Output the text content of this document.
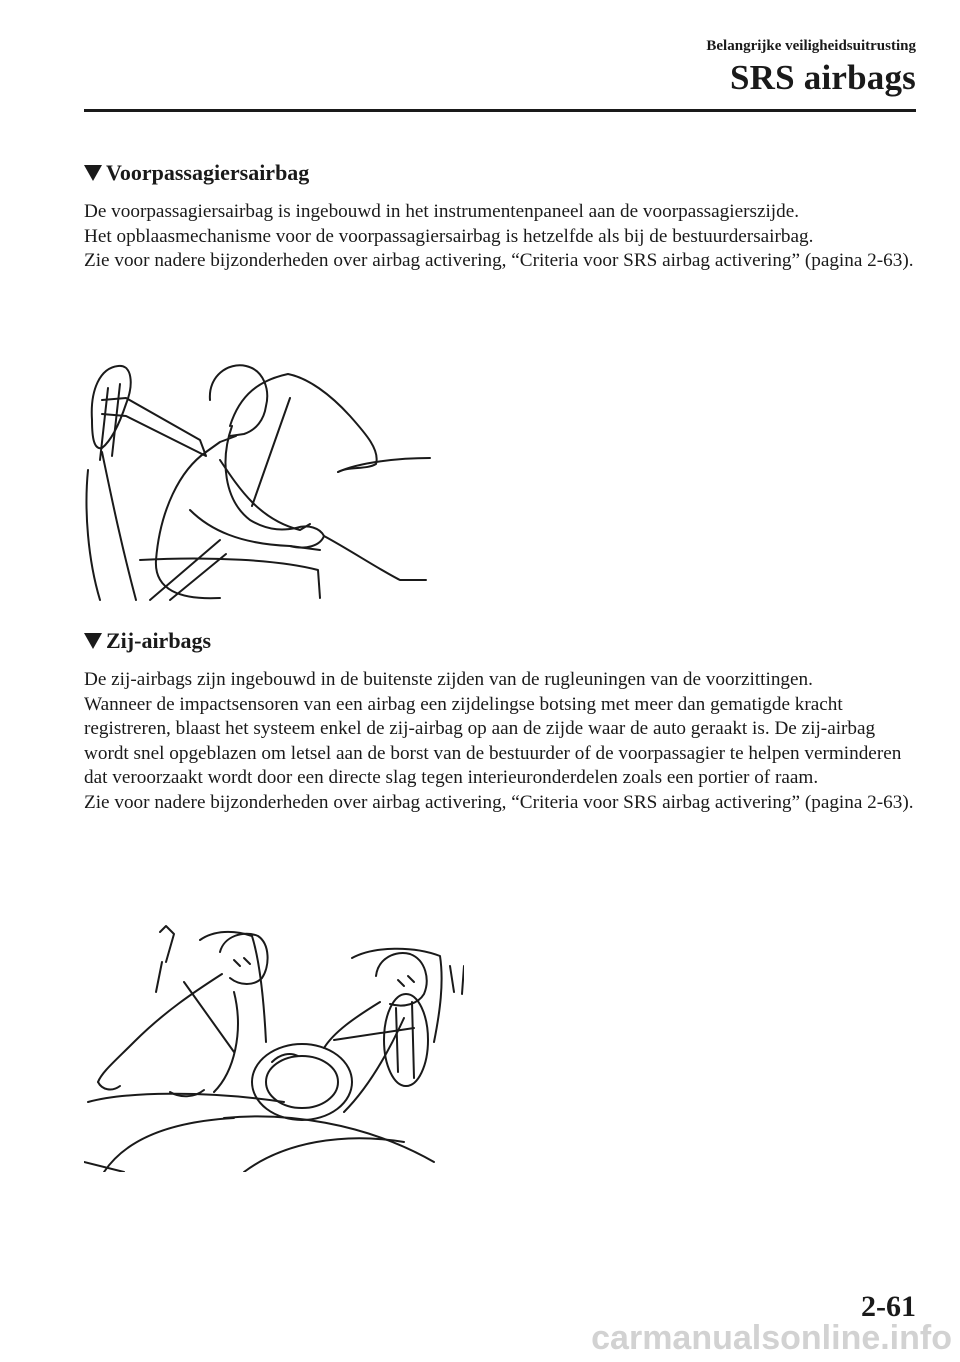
Belangrijke veiligheidsuitrusting
SRS airbags
Voorpassagiersairbag

De voorpassagiersairbag is ingebouwd in het instrumentenpaneel aan de voorpassagierszijde.

Het opblaasmechanisme voor de voorpassagiersairbag is hetzelfde als bij de bestuurdersairbag.

Zie voor nadere bijzonderheden over airbag activering, “Criteria voor SRS airbag activering” (pagina 2-63).

Zij-airbags

De zij-airbags zijn ingebouwd in de buitenste zijden van de rugleuningen van de voorzittingen.

Wanneer de impactsensoren van een airbag een zijdelingse botsing met meer dan gematigde kracht registreren, blaast het systeem enkel de zij-airbag op aan de zijde waar de auto geraakt is. De zij-airbag wordt snel opgeblazen om letsel aan de borst van de bestuurder of de voorpassagier te helpen verminderen dat veroorzaakt wordt door een directe slag tegen interieuronderdelen zoals een portier of raam.

Zie voor nadere bijzonderheden over airbag activering, “Criteria voor SRS airbag activering” (pagina 2-63).

2-61
carmanualsonline.info
